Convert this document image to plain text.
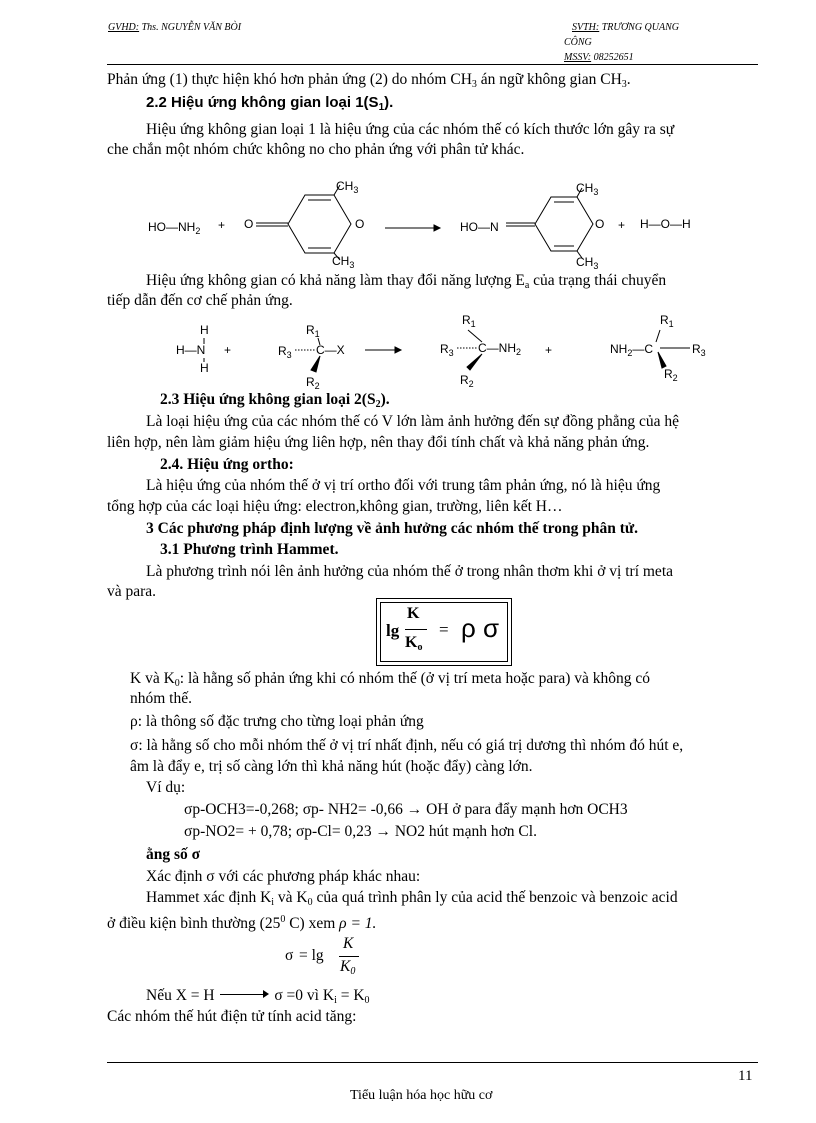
GVHD: Ths. NGUYỄN VĂN BÒI	SVTH: TRƯƠNG QUANG
CÔNG
MSSV: 08252651
Phản ứng (1) thực hiện khó hơn phản ứng (2) do nhóm $CH_3$ án ngữ không gian $CH_3$.
2.2 Hiệu ứng không gian loại $1(S_1)$.
Hiệu ứng không gian loại 1 là hiệu ứng của các nhóm thế có kích thước lớn gây ra sự
che chắn một nhóm chức không no cho phản ứng với phân tử khác.
$HO—NH_2 + O$	O
$CH_3$
$CH_3$
HO—N	O
$CH_3$
$CH_3$
+ H—O—H
Hiệu ứng không gian có khả năng làm thay đổi năng lượng $E_a$ của trạng thái chuyển
tiếp dẫn đến cơ chế phản ứng.
H
H—N
H
+
$R_1$
$R_3$ C—X
$R_2$
$R_1$
$R_3$ $C—NH_2$
$R_2$
+	$NH_2—C$
$R_1$
$R_3$
$R_2$
2.3 Hiệu ứng không gian loại $2(S_2)$.
Là loại hiệu ứng của các nhóm thế có V lớn làm ảnh hưởng đến sự đồng phẳng của hệ
liên hợp, nên làm giảm hiệu ứng liên hợp, nên thay đổi tính chất và khả năng phản ứng.
2.4. Hiệu ứng ortho:
Là hiệu ứng của nhóm thế ở vị trí ortho đối với trung tâm phản ứng, nó là hiệu ứng
tổng hợp của các loại hiệu ứng: electron,không gian, trường, liên kết H…
3 Các phương pháp định lượng về ảnh hưởng các nhóm thế trong phân tử.
3.1 Phương trình Hammet.
Là phương trình nói lên ảnh hưởng của nhóm thế ở trong nhân thơm khi ở vị trí meta
và para.
lg
K
$K_o$
= ρ σ
K và $K_0$: là hằng số phản ứng khi có nhóm thế (ở vị trí meta hoặc para) và không có
nhóm thế.
ρ: là thông số đặc trưng cho từng loại phản ứng
σ: là hằng số cho mỗi nhóm thế ở vị trí nhất định, nếu có giá trị dương thì nhóm đó hút e,
âm là đẩy e, trị số càng lớn thì khả năng hút (hoặc đẩy) càng lớn.
Ví dụ:
σp-OCH3=-0,268; σp- NH2= -0,66 → OH ở para đẩy mạnh hơn OCH3
σp-NO2= + 0,78; σp-Cl= 0,23 → NO2 hút mạnh hơn Cl.
ằng số σ
Xác định σ với các phương pháp khác nhau:
Hammet xác định $K_i$ và $K_0$ của quá trình phân ly của acid thế benzoic và benzoic acid
ở điều kiện bình thường ($25^0$ C) xem ρ = 1.
σ = lg
K
$K_0$
Nếu X = H	σ =0 vì $K_i = K_0$
Các nhóm thế hút điện tử tính acid tăng:
11
Tiểu luận hóa học hữu cơ
